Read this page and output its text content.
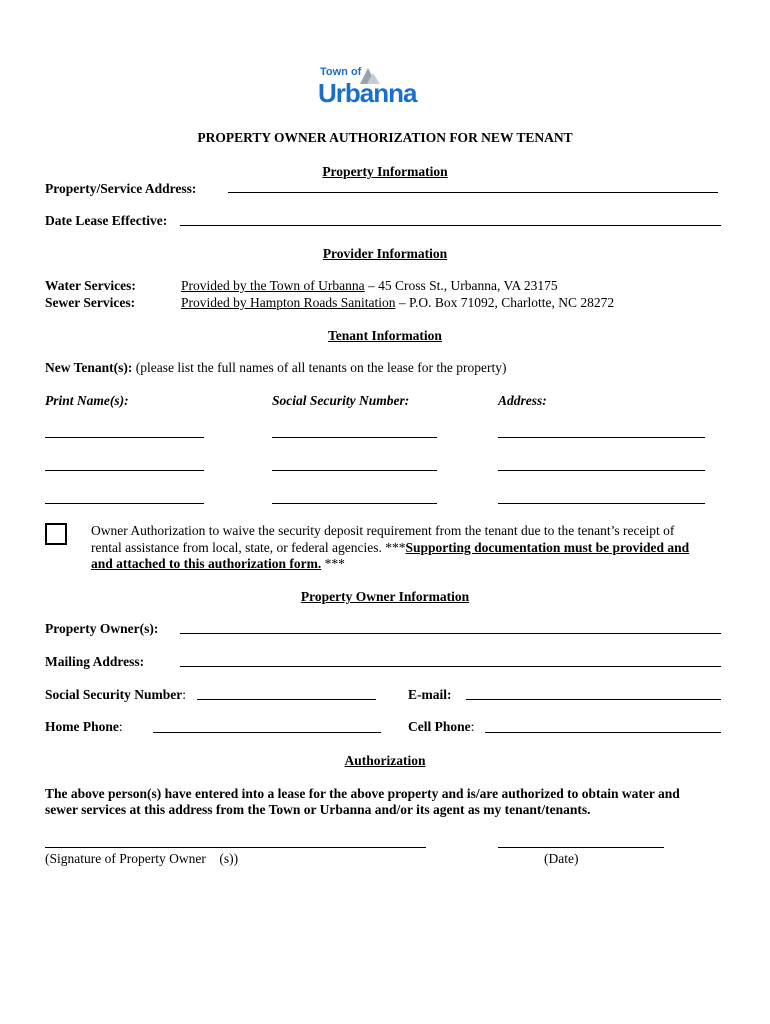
Town of
Urbanna
PROPERTY OWNER AUTHORIZATION FOR NEW TENANT
Property Information
Property/Service Address:
Date Lease Effective:
Provider Information
Water Services:	Provided by the Town of Urbanna – 45 Cross St., Urbanna, VA 23175
Sewer Services:	Provided by Hampton Roads Sanitation – P.O. Box 71092, Charlotte, NC 28272
Tenant Information
New Tenant(s): (please list the full names of all tenants on the lease for the property)
Print Name(s):	Social Security Number:	Address:
Owner Authorization to waive the security deposit requirement from the tenant due to the tenant’s receipt of
rental assistance from local, state, or federal agencies. ***Supporting documentation must be provided and
and attached to this authorization form. ***
Property Owner Information
Property Owner(s):
Mailing Address:
Social Security Number:	E-mail:
Home Phone:	Cell Phone:
Authorization
The above person(s) have entered into a lease for the above property and is/are authorized to obtain water and
sewer services at this address from the Town or Urbanna and/or its agent as my tenant/tenants.
(Signature of Property Owner    (s))	(Date)
